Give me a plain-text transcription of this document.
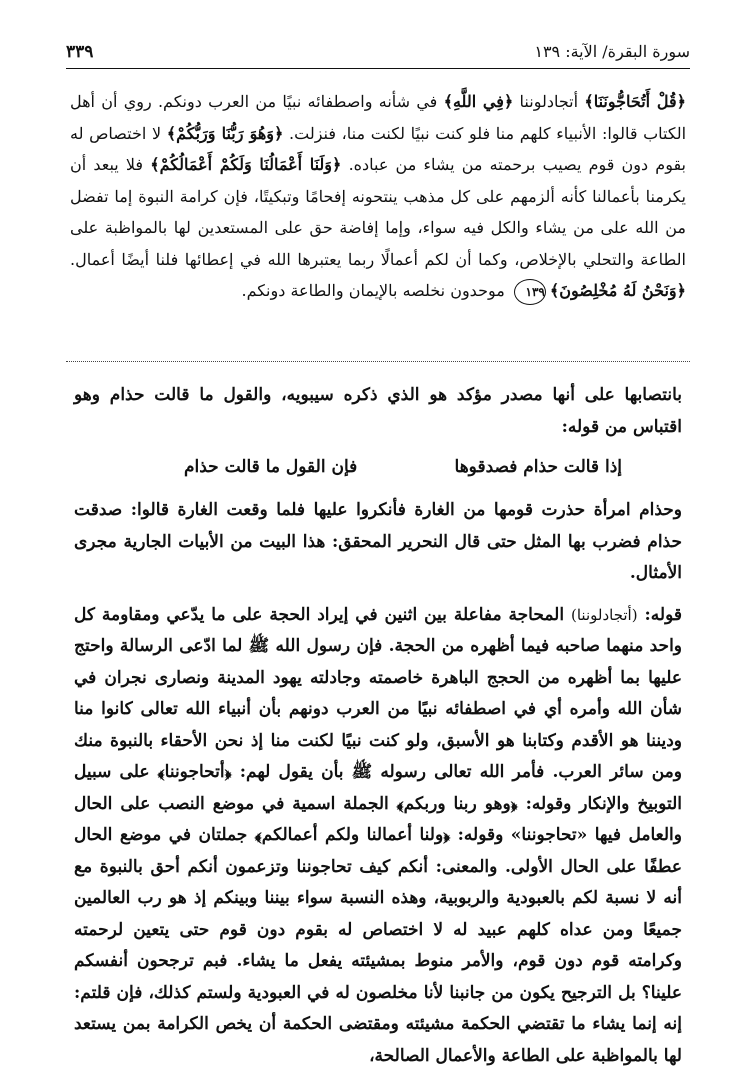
سورة البقرة/ الآية: ١٣٩
٣٣٩

﴿قُلْ أَتُحَاجُّونَنَا﴾ أتجادلوننا ﴿فِي اللَّهِ﴾ في شأنه واصطفائه نبيًا من العرب دونكم. روي أن أهل الكتاب قالوا: الأنبياء كلهم منا فلو كنت نبيًا لكنت منا، فنزلت. ﴿وَهُوَ رَبُّنَا وَرَبُّكُمْ﴾ لا اختصاص له بقوم دون قوم يصيب برحمته من يشاء من عباده. ﴿وَلَنَا أَعْمَالُنَا وَلَكُمْ أَعْمَالُكُمْ﴾ فلا يبعد أن يكرمنا بأعمالنا كأنه ألزمهم على كل مذهب ينتحونه إفحامًا وتبكيتًا، فإن كرامة النبوة إما تفضل من الله على من يشاء والكل فيه سواء، وإما إفاضة حق على المستعدين لها بالمواظبة على الطاعة والتحلي بالإخلاص، وكما أن لكم أعمالًا ربما يعتبرها الله في إعطائها فلنا أيضًا أعمال. ﴿وَنَحْنُ لَهُ مُخْلِصُونَ﴾١٣٩ موحدون نخلصه بالإيمان والطاعة دونكم.

بانتصابها على أنها مصدر مؤكد هو الذي ذكره سيبويه، والقول ما قالت حذام وهو اقتباس من قوله:

إذا قالت حذام فصدقوها
فإن القول ما قالت حذام

وحذام امرأة حذرت قومها من الغارة فأنكروا عليها فلما وقعت الغارة قالوا: صدقت حذام فضرب بها المثل حتى قال النحرير المحقق: هذا البيت من الأبيات الجارية مجرى الأمثال.

قوله: (أتجادلوننا) المحاجة مفاعلة بين اثنين في إيراد الحجة على ما يدّعي ومقاومة كل واحد منهما صاحبه فيما أظهره من الحجة. فإن رسول الله ﷺ لما ادّعى الرسالة واحتج عليها بما أظهره من الحجج الباهرة خاصمته وجادلته يهود المدينة ونصارى نجران في شأن الله وأمره أي في اصطفائه نبيًا من العرب دونهم بأن أنبياء الله تعالى كانوا منا وديننا هو الأقدم وكتابنا هو الأسبق، ولو كنت نبيًا لكنت منا إذ نحن الأحقاء بالنبوة منك ومن سائر العرب. فأمر الله تعالى رسوله ﷺ بأن يقول لهم: ﴿أتحاجوننا﴾ على سبيل التوبيخ والإنكار وقوله: ﴿وهو ربنا وربكم﴾ الجملة اسمية في موضع النصب على الحال والعامل فيها «تحاجوننا» وقوله: ﴿ولنا أعمالنا ولكم أعمالكم﴾ جملتان في موضع الحال عطفًا على الحال الأولى. والمعنى: أنكم كيف تحاجوننا وتزعمون أنكم أحق بالنبوة مع أنه لا نسبة لكم بالعبودية والربوبية، وهذه النسبة سواء بيننا وبينكم إذ هو رب العالمين جميعًا ومن عداه كلهم عبيد له لا اختصاص له بقوم دون قوم حتى يتعين لرحمته وكرامته قوم دون قوم، والأمر منوط بمشيئته يفعل ما يشاء. فبم ترجحون أنفسكم علينا؟ بل الترجيح يكون من جانبنا لأنا مخلصون له في العبودية ولستم كذلك، فإن قلتم: إنه إنما يشاء ما تقتضي الحكمة مشيئته ومقتضى الحكمة أن يخص الكرامة بمن يستعد لها بالمواظبة على الطاعة والأعمال الصالحة،
